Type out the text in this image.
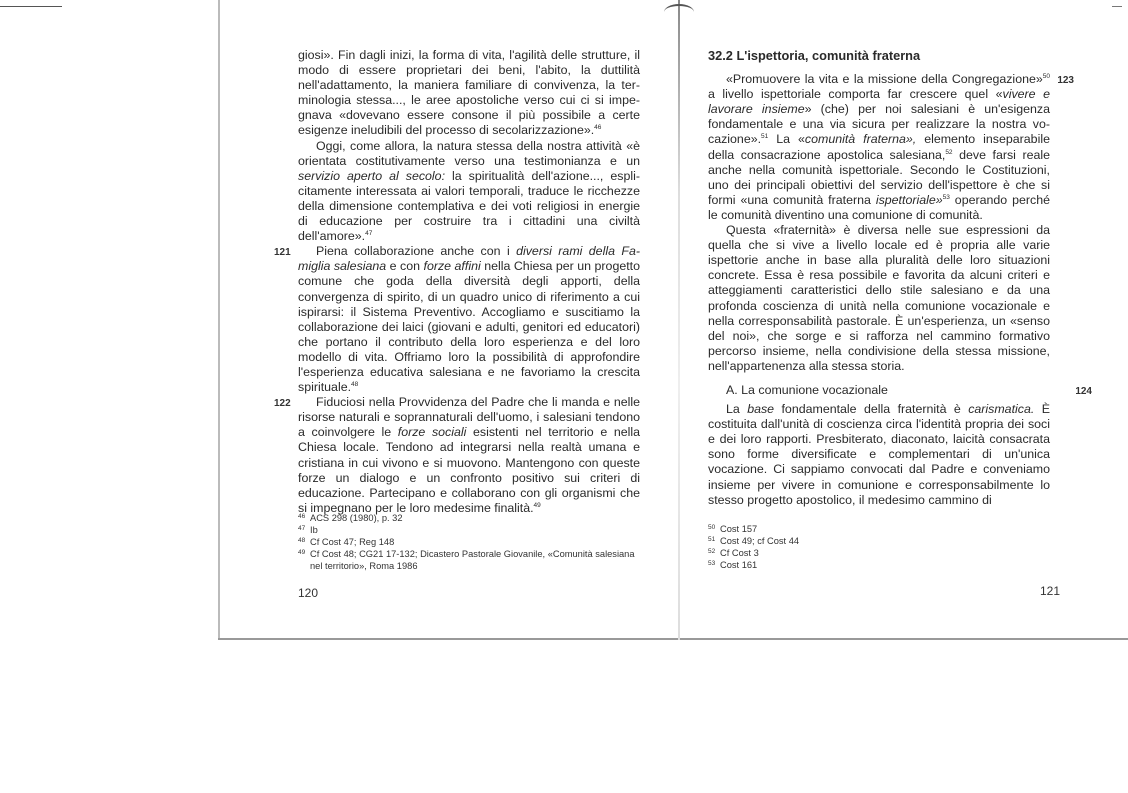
giosi». Fin dagli inizi, la forma di vita, l'agilità delle strutture, il modo di essere proprietari dei beni, l'abito, la duttilità nell'adattamento, la maniera familiare di convivenza, la terminologia stessa..., le aree apostoliche verso cui ci si impegnava «dovevano essere consone il più possibile a certe esigenze ineludibili del processo di secolarizzazione».$^{46}$

Oggi, come allora, la natura stessa della nostra attività «è orientata costitutivamente verso una testimonianza e un servizio aperto al secolo: la spiritualità dell'azione..., esplicitamente interessata ai valori temporali, traduce le ricchezze della dimensione contemplativa e dei voti religiosi in energie di educazione per costruire tra i cittadini una civiltà dell'amore».$^{47}$

121	Piena collaborazione anche con i diversi rami della Famiglia salesiana e con forze affini nella Chiesa per un progetto comune che goda della diversità degli apporti, della convergenza di spirito, di un quadro unico di riferimento a cui ispirarsi: il Sistema Preventivo. Accogliamo e suscitiamo la collaborazione dei laici (giovani e adulti, genitori ed educatori) che portano il contributo della loro esperienza e del loro modello di vita. Offriamo loro la possibilità di approfondire l'esperienza educativa salesiana e ne favoriamo la crescita spirituale.$^{48}$

122	Fiduciosi nella Provvidenza del Padre che li manda e nelle risorse naturali e soprannaturali dell'uomo, i salesiani tendono a coinvolgere le forze sociali esistenti nel territorio e nella Chiesa locale. Tendono ad integrarsi nella realtà umana e cristiana in cui vivono e si muovono. Mantengono con queste forze un dialogo e un confronto positivo sui criteri di educazione. Partecipano e collaborano con gli organismi che si impegnano per le loro medesime finalità.$^{49}$

46 ACS 298 (1980), p. 32
47 Ib
48 Cf Cost 47; Reg 148
49 Cf Cost 48; CG21 17-132; Dicastero Pastorale Giovanile, «Comunità salesiana nel territorio», Roma 1986
120
32.2 L'ispettoria, comunità fraterna
123

«Promuovere la vita e la missione della Congregazione»$^{50}$ a livello ispettoriale comporta far crescere quel «vivere e lavorare insieme» (che) per noi salesiani è un'esigenza fondamentale e una via sicura per realizzare la nostra vocazione».$^{51}$ La «comunità fraterna», elemento inseparabile della consacrazione apostolica salesiana,$^{52}$ deve farsi reale anche nella comunità ispettoriale. Secondo le Costituzioni, uno dei principali obiettivi del servizio dell'ispettore è che si formi «una comunità fraterna ispettoriale»$^{53}$ operando perché le comunità diventino una comunione di comunità.

Questa «fraternità» è diversa nelle sue espressioni da quella che si vive a livello locale ed è propria alle varie ispettorie anche in base alla pluralità delle loro situazioni concrete. Essa è resa possibile e favorita da alcuni criteri e atteggiamenti caratteristici dello stile salesiano e da una profonda coscienza di unità nella comunione vocazionale e nella corresponsabilità pastorale. È un'esperienza, un «senso del noi», che sorge e si rafforza nel cammino formativo percorso insieme, nella condivisione della stessa missione, nell'appartenenza alla stessa storia.

A. La comunione vocazionale	124

La base fondamentale della fraternità è carismatica. È costituita dall'unità di coscienza circa l'identità propria dei soci e dei loro rapporti. Presbiterato, diaconato, laicità consacrata sono forme diversificate e complementari di un'unica vocazione. Ci sappiamo convocati dal Padre e conveniamo insieme per vivere in comunione e corresponsabilmente lo stesso progetto apostolico, il medesimo cammino di

50 Cost 157
51 Cost 49; cf Cost 44
52 Cf Cost 3
53 Cost 161
121
